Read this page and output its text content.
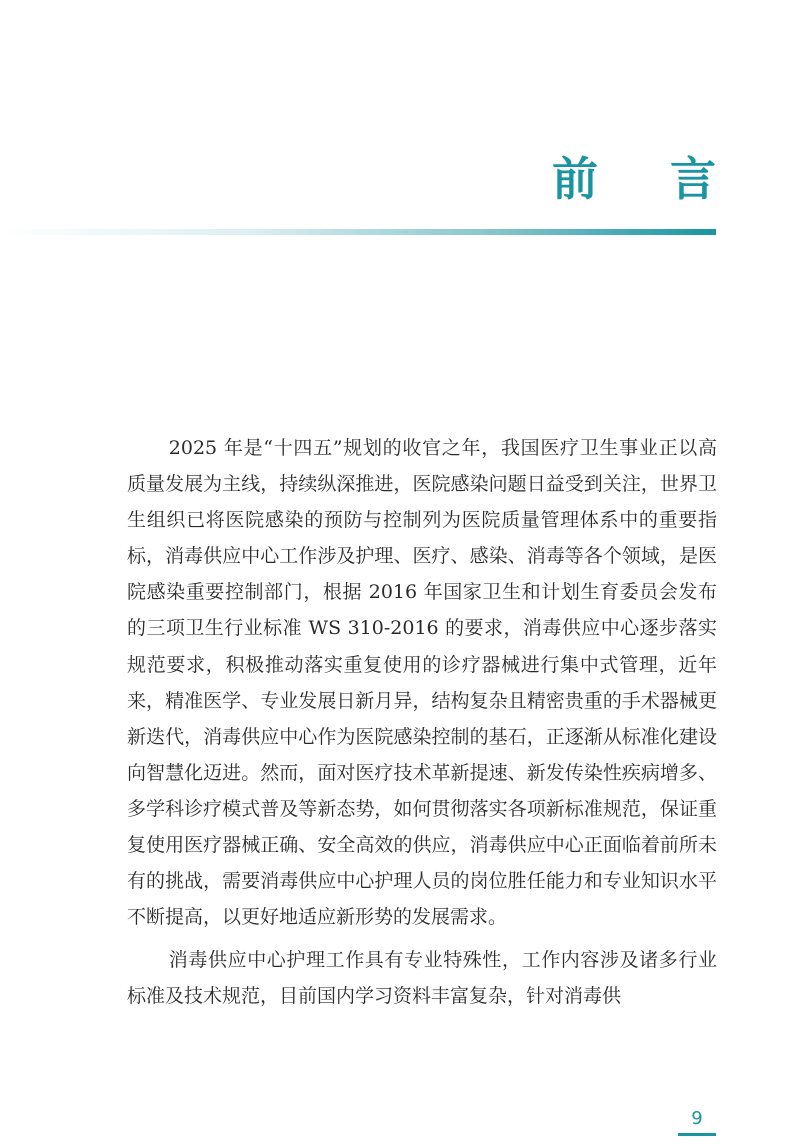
前 言

2025 年是“十四五”规划的收官之年，我国医疗卫生事业正以高质量发展为主线，持续纵深推进，医院感染问题日益受到关注，世界卫生组织已将医院感染的预防与控制列为医院质量管理体系中的重要指标，消毒供应中心工作涉及护理、医疗、感染、消毒等各个领域，是医院感染重要控制部门，根据 2016 年国家卫生和计划生育委员会发布的三项卫生行业标准 WS 310-2016 的要求，消毒供应中心逐步落实规范要求，积极推动落实重复使用的诊疗器械进行集中式管理，近年来，精准医学、专业发展日新月异，结构复杂且精密贵重的手术器械更新迭代，消毒供应中心作为医院感染控制的基石，正逐渐从标准化建设向智慧化迈进。然而，面对医疗技术革新提速、新发传染性疾病增多、多学科诊疗模式普及等新态势，如何贯彻落实各项新标准规范，保证重复使用医疗器械正确、安全高效的供应，消毒供应中心正面临着前所未有的挑战，需要消毒供应中心护理人员的岗位胜任能力和专业知识水平不断提高，以更好地适应新形势的发展需求。

消毒供应中心护理工作具有专业特殊性，工作内容涉及诸多行业标准及技术规范，目前国内学习资料丰富复杂，针对消毒供

9
